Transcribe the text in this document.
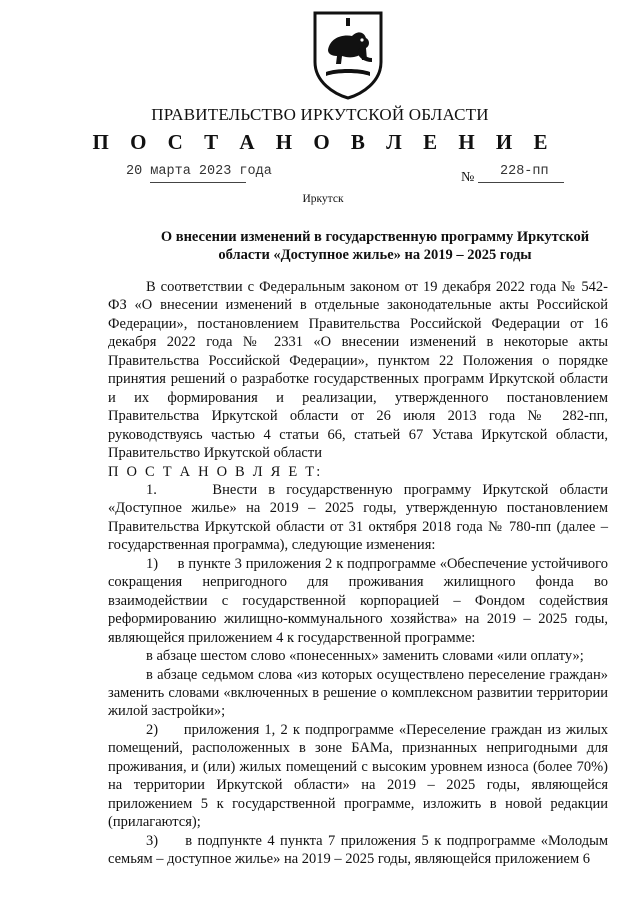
ПРАВИТЕЛЬСТВО ИРКУТСКОЙ ОБЛАСТИ
П О С Т А Н О В Л Е Н И Е
20 марта 2023 года	№ 228-пп
Иркутск
О внесении изменений в государственную программу Иркутской области «Доступное жилье» на 2019 – 2025 годы

В соответствии с Федеральным законом от 19 декабря 2022 года № 542-ФЗ «О внесении изменений в отдельные законодательные акты Российской Федерации», постановлением Правительства Российской Федерации от 16 декабря 2022 года № 2331 «О внесении изменений в некоторые акты Правительства Российской Федерации», пунктом 22 Положения о порядке принятия решений о разработке государственных программ Иркутской области и их формирования и реализации, утвержденного постановлением Правительства Иркутской области от 26 июля 2013 года № 282-пп, руководствуясь частью 4 статьи 66, статьей 67 Устава Иркутской области, Правительство Иркутской области

П О С Т А Н О В Л Я Е Т:

1.     Внести в государственную программу Иркутской области «Доступное жилье» на 2019 – 2025 годы, утвержденную постановлением Правительства Иркутской области от 31 октября 2018 года № 780-пп (далее – государственная программа), следующие изменения:

1)     в пункте 3 приложения 2 к подпрограмме «Обеспечение устойчивого сокращения непригодного для проживания жилищного фонда во взаимодействии с государственной корпорацией – Фондом содействия реформированию жилищно-коммунального хозяйства» на 2019 – 2025 годы, являющейся приложением 4 к государственной программе:

в абзаце шестом слово «понесенных» заменить словами «или оплату»;

в абзаце седьмом слова «из которых осуществлено переселение граждан» заменить словами «включенных в решение о комплексном развитии территории жилой застройки»;

2)     приложения 1, 2 к подпрограмме «Переселение граждан из жилых помещений, расположенных в зоне БАМа, признанных непригодными для проживания, и (или) жилых помещений с высоким уровнем износа (более 70%) на территории Иркутской области» на 2019 – 2025 годы, являющейся приложением 5 к государственной программе, изложить в новой редакции (прилагаются);

3)     в подпункте 4 пункта 7 приложения 5 к подпрограмме «Молодым семьям – доступное жилье» на 2019 – 2025 годы, являющейся приложением 6
